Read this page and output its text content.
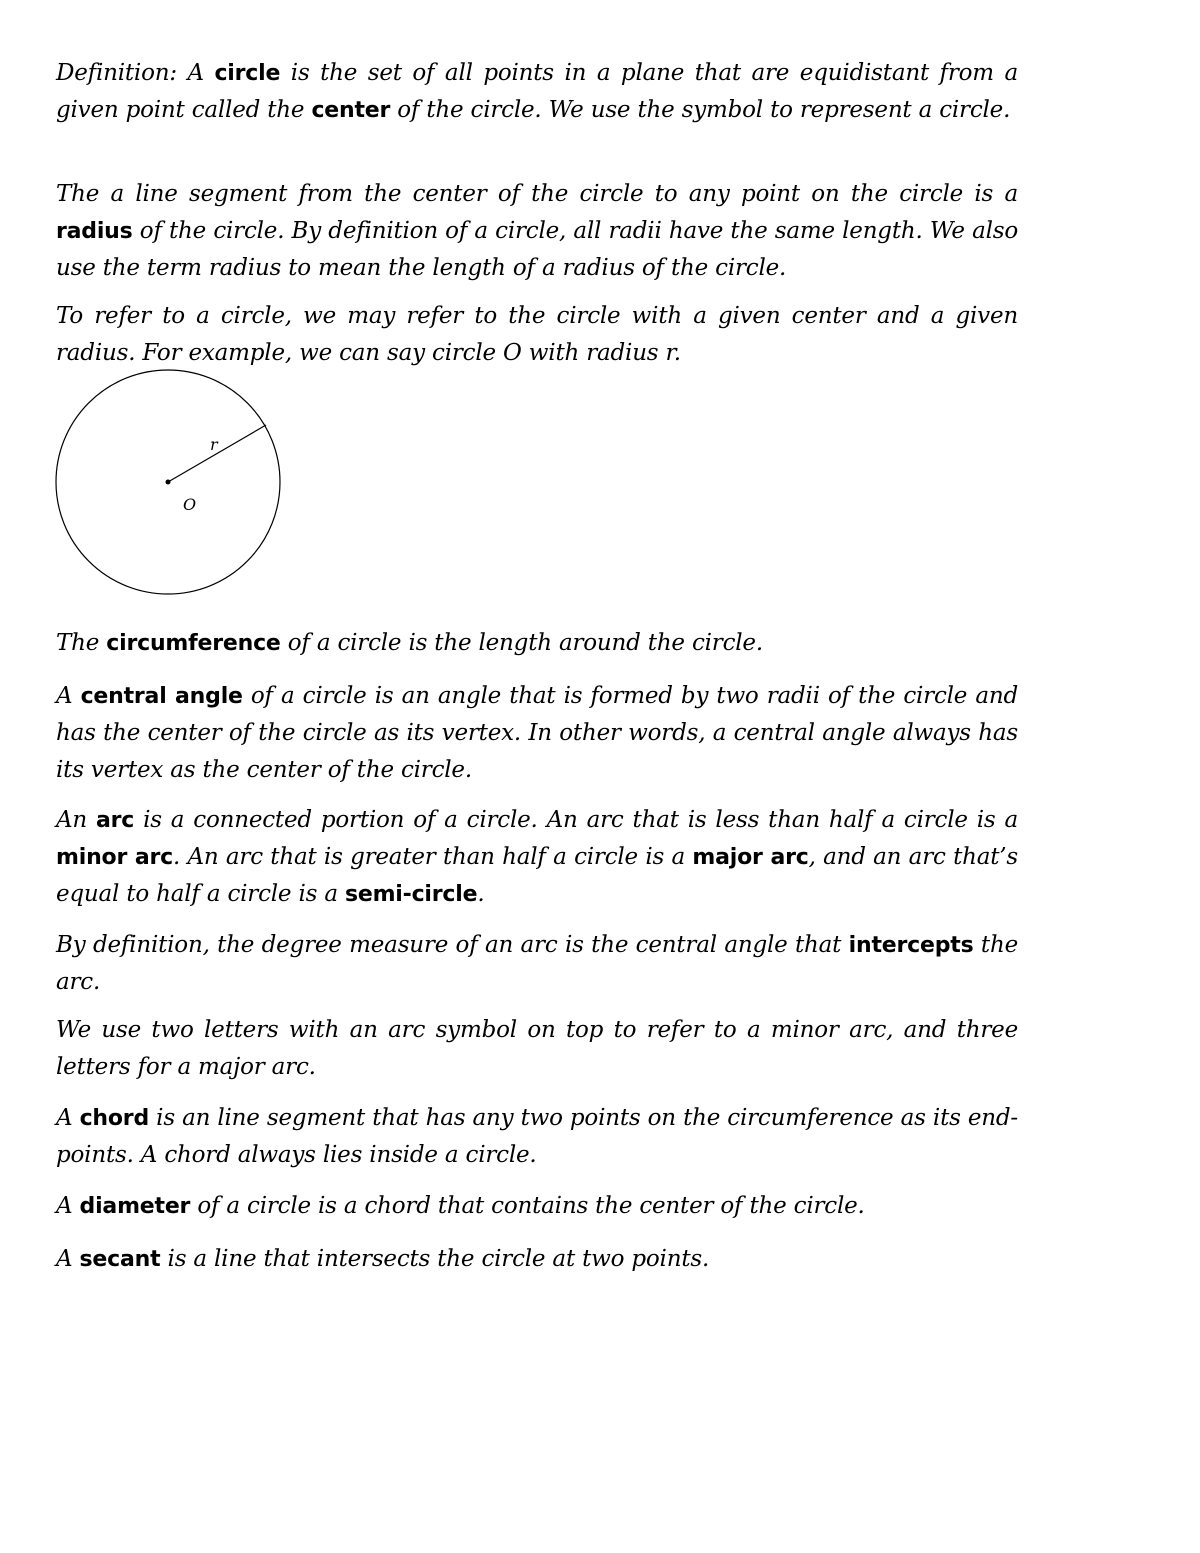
Definition: A circle is the set of all points in a plane that are equidistant from a given point called the center of the circle. We use the symbol to represent a circle.

The a line segment from the center of the circle to any point on the circle is a radius of the circle. By definition of a circle, all radii have the same length. We also use the term radius to mean the length of a radius of the circle.

To refer to a circle, we may refer to the circle with a given center and a given radius. For example, we can say circle O with radius r.

O
r

The circumference of a circle is the length around the circle.

A central angle of a circle is an angle that is formed by two radii of the circle and has the center of the circle as its vertex. In other words, a central angle always has its vertex as the center of the circle.

An arc is a connected portion of a circle. An arc that is less than half a circle is a minor arc. An arc that is greater than half a circle is a major arc, and an arc that’s equal to half a circle is a semi-circle.

By definition, the degree measure of an arc is the central angle that intercepts the arc.

We use two letters with an arc symbol on top to refer to a minor arc, and three letters for a major arc.

A chord is an line segment that has any two points on the circumference as its end-points. A chord always lies inside a circle.

A diameter of a circle is a chord that contains the center of the circle.

A secant is a line that intersects the circle at two points.
